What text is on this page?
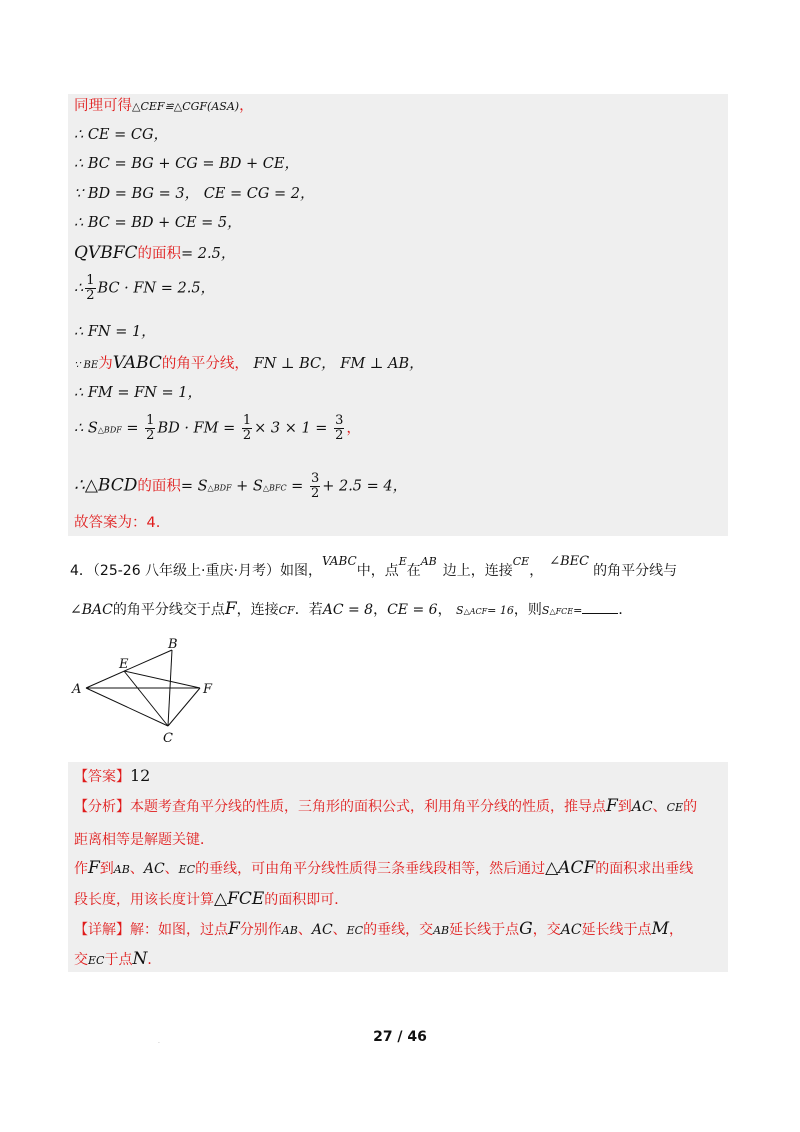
同理可得△CEF≌△CGF(ASA)，
∴ CE = CG，
∴ BC = BG + CG = BD + CE，
∵ BD = BG = 3， CE = CG = 2，
∴ BC = BD + CE = 5，
QVBFC的面积= 2.5，
∴ $\frac{1}{2}$ BC · FN = 2.5，
∴ FN = 1，
∵ BE为VABC的角平分线， FN ⊥ BC， FM ⊥ AB，
∴ FM = FN = 1，
∴ S△BDF = $\frac{1}{2}$ BD · FM = $\frac{1}{2} \times 3 \times 1 = \frac{3}{2}$ ，
∴△BCD的面积= S△BDF + S△BFC = $\frac{3}{2} + 2.5 = 4$，
故答案为：4.
4．（25-26 八年级上·重庆·月考）如图，VABC中，点$^E$在$^{AB}$边上，连接$^{CE}$，∠BEC的角平分线与
∠BAC的角平分线交于点F，连接CF．若AC = 8，CE = 6， S△ACF= 16，则S△FCE=	．
A
B
C
E
F
【答案】12
【分析】本题考查角平分线的性质，三角形的面积公式，利用角平分线的性质，推导点F到AC、CE的
距离相等是解题关键．
作F到AB、AC、EC的垂线，可由角平分线性质得三条垂线段相等，然后通过△ACF的面积求出垂线
段长度，用该长度计算△FCE的面积即可．
【详解】解：如图，过点F分别作AB、AC、EC的垂线，交AB延长线于点G，交AC延长线于点M，
交EC于点N．
·	27 / 46
